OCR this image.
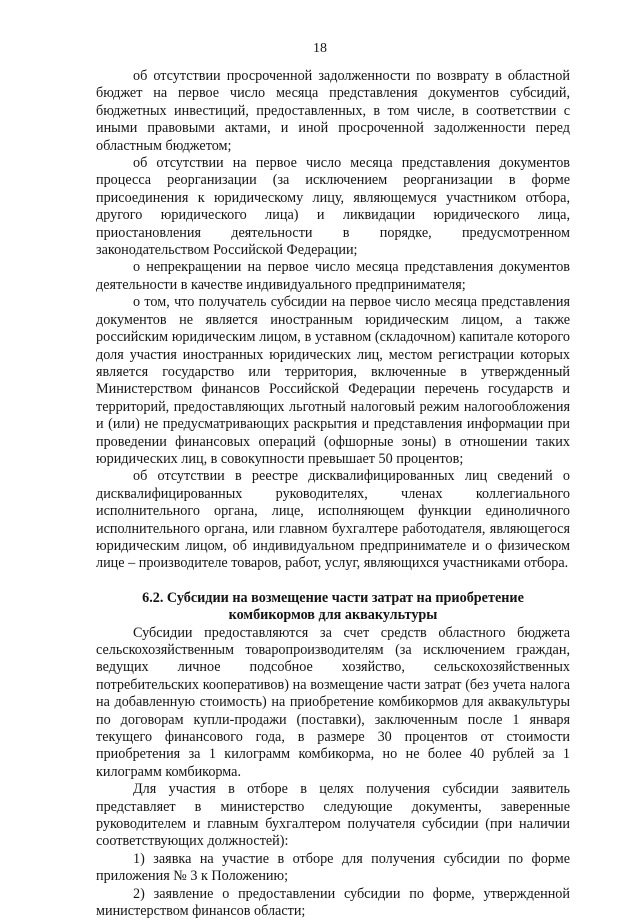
18

об отсутствии просроченной задолженности по возврату в областной бюджет на первое число месяца представления документов субсидий, бюджетных инвестиций, предоставленных, в том числе, в соответствии с иными правовыми актами, и иной просроченной задолженности перед областным бюджетом;

об отсутствии на первое число месяца представления документов процесса реорганизации (за исключением реорганизации в форме присоединения к юридическому лицу, являющемуся участником отбора, другого юридического лица) и ликвидации юридического лица, приостановления деятельности в порядке, предусмотренном законодательством Российской Федерации;

о непрекращении на первое число месяца представления документов деятельности в качестве индивидуального предпринимателя;

о том, что получатель субсидии на первое число месяца представления документов не является иностранным юридическим лицом, а также российским юридическим лицом, в уставном (складочном) капитале которого доля участия иностранных юридических лиц, местом регистрации которых является государство или территория, включенные в утвержденный Министерством финансов Российской Федерации перечень государств и территорий, предоставляющих льготный налоговый режим налогообложения и (или) не предусматривающих раскрытия и представления информации при проведении финансовых операций (офшорные зоны) в отношении таких юридических лиц, в совокупности превышает 50 процентов;

об отсутствии в реестре дисквалифицированных лиц сведений о дисквалифицированных руководителях, членах коллегиального исполнительного органа, лице, исполняющем функции единоличного исполнительного органа, или главном бухгалтере работодателя, являющегося юридическим лицом, об индивидуальном предпринимателе и о физическом лице – производителе товаров, работ, услуг, являющихся участниками отбора.

6.2. Субсидии на возмещение части затрат на приобретение
комбикормов для аквакультуры

Субсидии предоставляются за счет средств областного бюджета сельскохозяйственным товаропроизводителям (за исключением граждан, ведущих личное подсобное хозяйство, сельскохозяйственных потребительских кооперативов) на возмещение части затрат (без учета налога на добавленную стоимость) на приобретение комбикормов для аквакультуры по договорам купли-продажи (поставки), заключенным после 1 января текущего финансового года, в размере 30 процентов от стоимости приобретения за 1 килограмм комбикорма, но не более 40 рублей за 1 килограмм комбикорма.

Для участия в отборе в целях получения субсидии заявитель представляет в министерство следующие документы, заверенные руководителем и главным бухгалтером получателя субсидии (при наличии соответствующих должностей):

1) заявка на участие в отборе для получения субсидии по форме приложения № 3 к Положению;

2) заявление о предоставлении субсидии по форме, утвержденной министерством финансов области;
